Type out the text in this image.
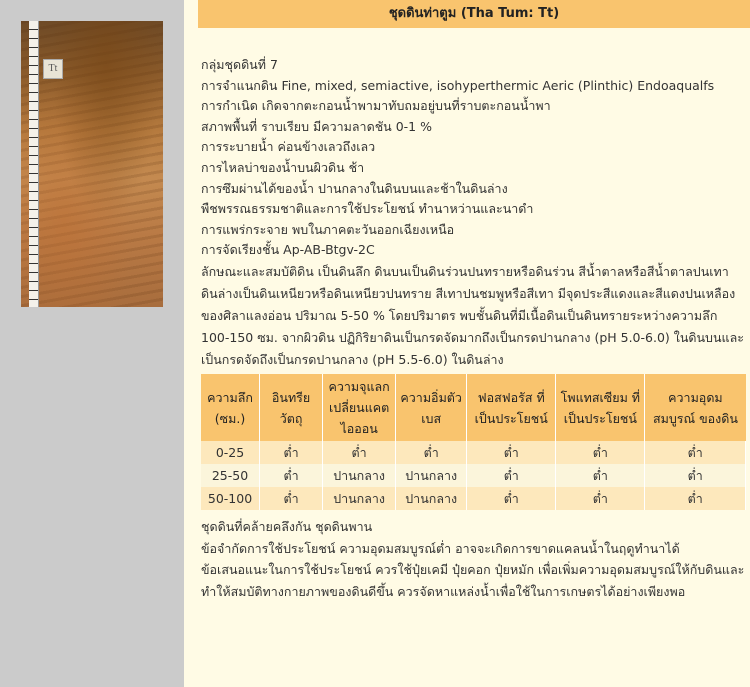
Tt
ชุดดินท่าตูม (Tha Tum: Tt)
กลุ่มชุดดินที่ 7
การจำแนกดิน Fine, mixed, semiactive, isohyperthermic Aeric (Plinthic) Endoaqualfs
การกำเนิด เกิดจากตะกอนน้ำพามาทับถมอยู่บนที่ราบตะกอนน้ำพา
สภาพพื้นที่ ราบเรียบ มีความลาดชัน 0-1 %
การระบายน้ำ ค่อนข้างเลวถึงเลว
การไหลบ่าของน้ำบนผิวดิน ช้า
การซึมผ่านได้ของน้ำ ปานกลางในดินบนและช้าในดินล่าง
พืชพรรณธรรมชาติและการใช้ประโยชน์ ทำนาหว่านและนาดำ
การแพร่กระจาย พบในภาคตะวันออกเฉียงเหนือ
การจัดเรียงชั้น Ap-AB-Btgv-2C
ลักษณะและสมบัติดิน เป็นดินลึก ดินบนเป็นดินร่วนปนทรายหรือดินร่วน สีน้ำตาลหรือสีน้ำตาลปนเทา ดินล่างเป็นดินเหนียวหรือดินเหนียวปนทราย สีเทาปนชมพูหรือสีเทา มีจุดประสีแดงและสีแดงปนเหลืองของศิลาแลงอ่อน ปริมาณ 5-50 % โดยปริมาตร พบชั้นดินที่มีเนื้อดินเป็นดินทรายระหว่างความลึก 100-150 ซม. จากผิวดิน ปฏิกิริยาดินเป็นกรดจัดมากถึงเป็นกรดปานกลาง (pH 5.0-6.0) ในดินบนและเป็นกรดจัดถึงเป็นกรดปานกลาง (pH 5.5-6.0) ในดินล่าง
ความลึก (ซม.)	อินทรีย วัตถุ	ความจุแลกเปลี่ยนแคตไอออน	ความอิ่มตัว เบส	ฟอสฟอรัส ที่เป็นประโยชน์	โพแทสเซียม ที่เป็นประโยชน์	ความอุดม สมบูรณ์ ของดิน
0-25	ต่ำ	ต่ำ	ต่ำ	ต่ำ	ต่ำ	ต่ำ
25-50	ต่ำ	ปานกลาง	ปานกลาง	ต่ำ	ต่ำ	ต่ำ
50-100	ต่ำ	ปานกลาง	ปานกลาง	ต่ำ	ต่ำ	ต่ำ
ชุดดินที่คล้ายคลึงกัน ชุดดินพาน
ข้อจำกัดการใช้ประโยชน์ ความอุดมสมบูรณ์ต่ำ อาจจะเกิดการขาดแคลนน้ำในฤดูทำนาได้
ข้อเสนอแนะในการใช้ประโยชน์ ควรใช้ปุ๋ยเคมี ปุ๋ยคอก ปุ๋ยหมัก เพื่อเพิ่มความอุดมสมบูรณ์ให้กับดินและทำให้สมบัติทางกายภาพของดินดีขึ้น ควรจัดหาแหล่งน้ำเพื่อใช้ในการเกษตรได้อย่างเพียงพอ
